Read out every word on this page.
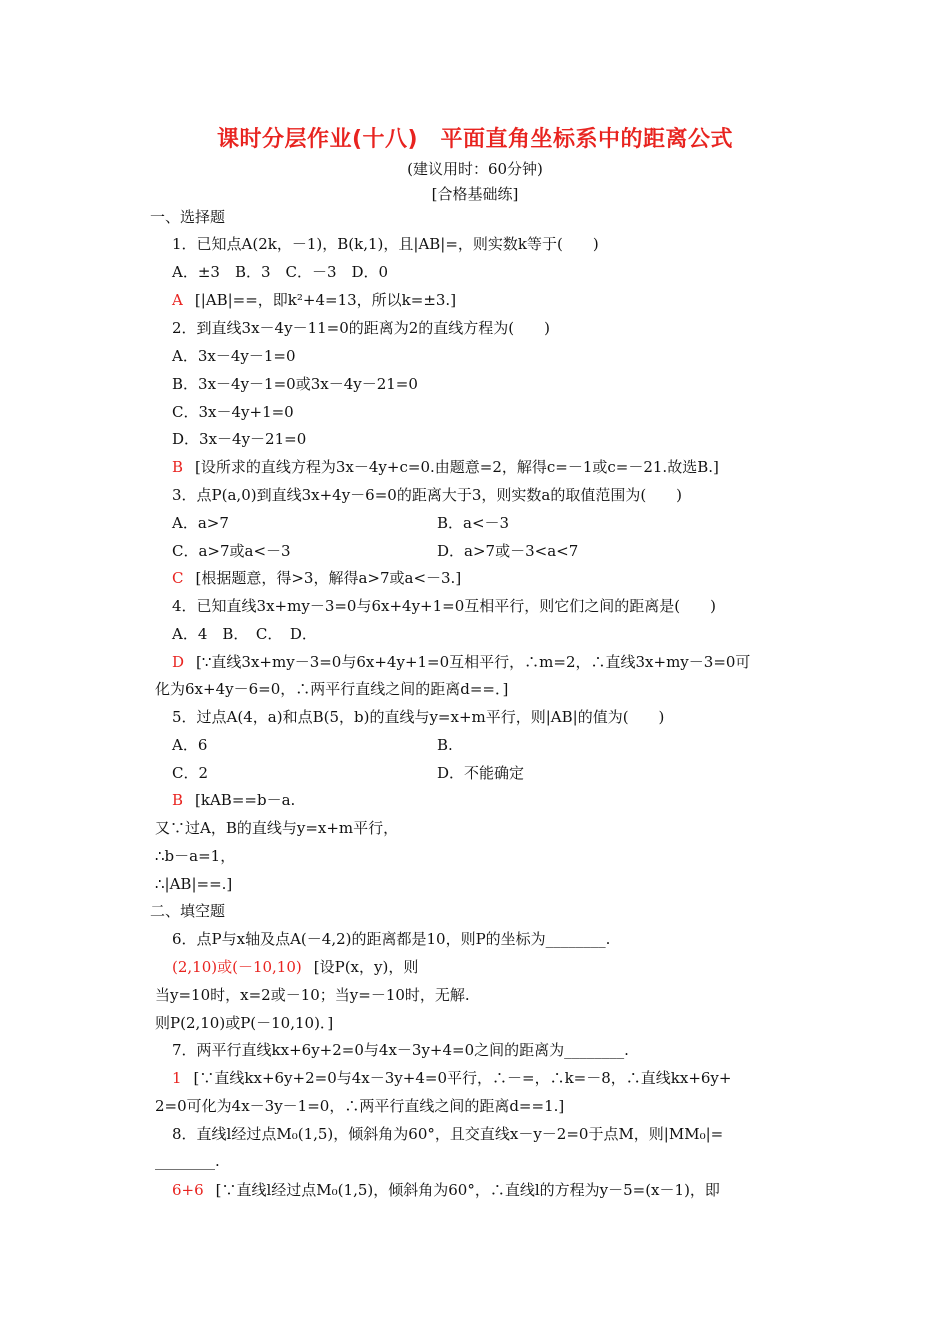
课时分层作业(十八)　平面直角坐标系中的距离公式
(建议用时：60分钟)
[合格基础练]
一、选择题
1．已知点A(2k，－1)，B(k,1)，且|AB|=，则实数k等于(　　)
A．±3　B．3　C．－3　D．0
A [|AB|==，即k²+4=13，所以k=±3.]
2．到直线3x－4y－11=0的距离为2的直线方程为(　　)
A．3x－4y－1=0
B．3x－4y－1=0或3x－4y－21=0
C．3x－4y+1=0
D．3x－4y－21=0
B [设所求的直线方程为3x－4y+c=0.由题意=2，解得c=－1或c=－21.故选B.]
3．点P(a,0)到直线3x+4y－6=0的距离大于3，则实数a的取值范围为(　　)
A．a>7	B．a<－3
C．a>7或a<－3	D．a>7或－3<a<7
C [根据题意，得>3，解得a>7或a<－3.]
4．已知直线3x+my－3=0与6x+4y+1=0互相平行，则它们之间的距离是(　　)
A．4　B．　C．　D．
D [∵直线3x+my－3=0与6x+4y+1=0互相平行，∴m=2，∴直线3x+my－3=0可
化为6x+4y－6=0，∴两平行直线之间的距离d==．]
5．过点A(4，a)和点B(5，b)的直线与y=x+m平行，则|AB|的值为(　　)
A．6	B.
C．2	D．不能确定
B [kAB==b－a.
又∵过A，B的直线与y=x+m平行，
∴b－a=1，
∴|AB|==.]
二、填空题
6．点P与x轴及点A(－4,2)的距离都是10，则P的坐标为________.
(2,10)或(－10,10) [设P(x，y)，则
当y=10时，x=2或－10；当y=－10时，无解.
则P(2,10)或P(－10,10)．]
7．两平行直线kx+6y+2=0与4x－3y+4=0之间的距离为________.
1 [∵直线kx+6y+2=0与4x－3y+4=0平行，∴－=，∴k=－8，∴直线kx+6y+
2=0可化为4x－3y－1=0，∴两平行直线之间的距离d==1.]
8．直线l经过点M₀(1,5)，倾斜角为60°，且交直线x－y－2=0于点M，则|MM₀|=
________.
6+6 [∵直线l经过点M₀(1,5)，倾斜角为60°，∴直线l的方程为y－5=(x－1)，即
